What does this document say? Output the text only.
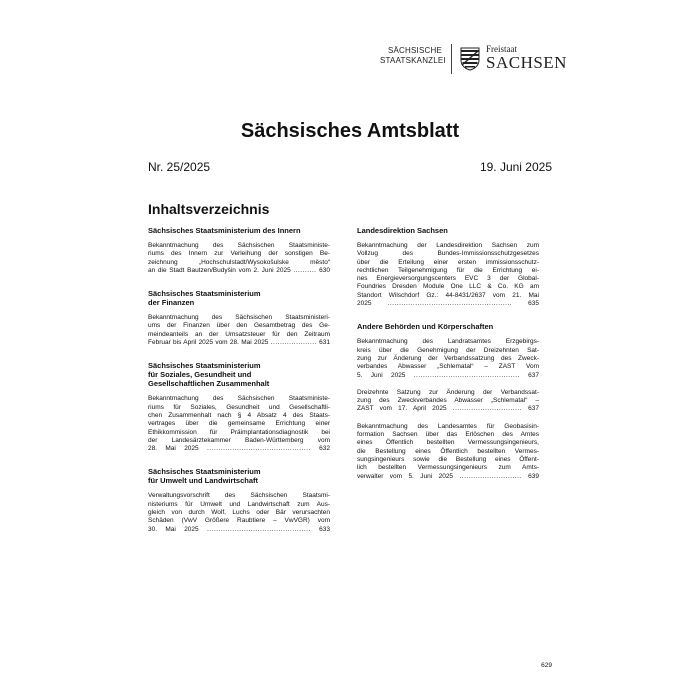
SÄCHSISCHE
STAATSKANZLEI
Freistaat
SACHSEN
Sächsisches Amtsblatt
Nr. 25/2025	19. Juni 2025
Inhaltsverzeichnis
Sächsisches Staatsministerium des Innern
Bekanntmachung des Sächsischen Staatsministe-
riums des Innern zur Verleihung der sonstigen Be-
zeichnung „Hochschulstadt/Wysokošulske město“
an die Stadt Bautzen/Budyšin vom 2. Juni 2025 .......... 630
Sächsisches Staatsministerium
der Finanzen
Bekanntmachung des Sächsischen Staatsministeri-
ums der Finanzen über den Gesamtbetrag des Ge-
meindeanteils an der Umsatzsteuer für den Zeitraum
Februar bis April 2025 vom 28. Mai 2025 .................... 631
Sächsisches Staatsministerium
für Soziales, Gesundheit und
Gesellschaftlichen Zusammenhalt
Bekanntmachung des Sächsischen Staatsministe-
riums für Soziales, Gesundheit und Gesellschaftli-
chen Zusammenhalt nach § 4 Absatz 4 des Staats-
vertrages über die gemeinsame Errichtung einer
Ethikkommission für Präimplantationsdiagnostik bei
der Landesärztekammer Baden-Württemberg vom
28. Mai 2025 ............................................. 632
Sächsisches Staatsministerium
für Umwelt und Landwirtschaft
Verwaltungsvorschrift des Sächsischen Staatsmi-
nisteriums für Umwelt und Landwirtschaft zum Aus-
gleich von durch Wolf, Luchs oder Bär verursachten
Schäden (VwV Größere Raubtiere – VwVGR) vom
30. Mai 2025 ............................................. 633
Landesdirektion Sachsen
Bekanntmachung der Landesdirektion Sachsen zum
Vollzug des Bundes-Immissionsschutzgesetzes
über die Erteilung einer ersten immissionsschutz-
rechtlichen Teilgenehmigung für die Errichtung ei-
nes Energieversorgungscenters EVC 3 der Global-
Foundries Dresden Module One LLC & Co. KG am
Standort Wilschdorf Gz.: 44-8431/2637 vom 21. Mai
2025 ...................................................... 635
Andere Behörden und Körperschaften
Bekanntmachung des Landratsamtes Erzgebirgs-
kreis über die Genehmigung der Dreizehnten Sat-
zung zur Änderung der Verbandssatzung des Zweck-
verbandes Abwasser „Schlematal“ – ZAST Vom
5. Juni 2025 .............................................. 637
Dreizehnte Satzung zur Änderung der Verbandssat-
zung des Zweckverbandes Abwasser „Schlematal“ –
ZAST vom 17. April 2025 .............................. 637
Bekanntmachung des Landesamtes für Geobasisin-
formation Sachsen über das Erlöschen des Amtes
eines Öffentlich bestellten Vermessungsingenieurs,
die Bestellung eines Öffentlich bestellten Vermes-
sungsingenieurs sowie die Bestellung eines Öffent-
lich bestellten Vermessungsingenieurs zum Amts-
verwalter vom 5. Juni 2025 ........................... 639
629
